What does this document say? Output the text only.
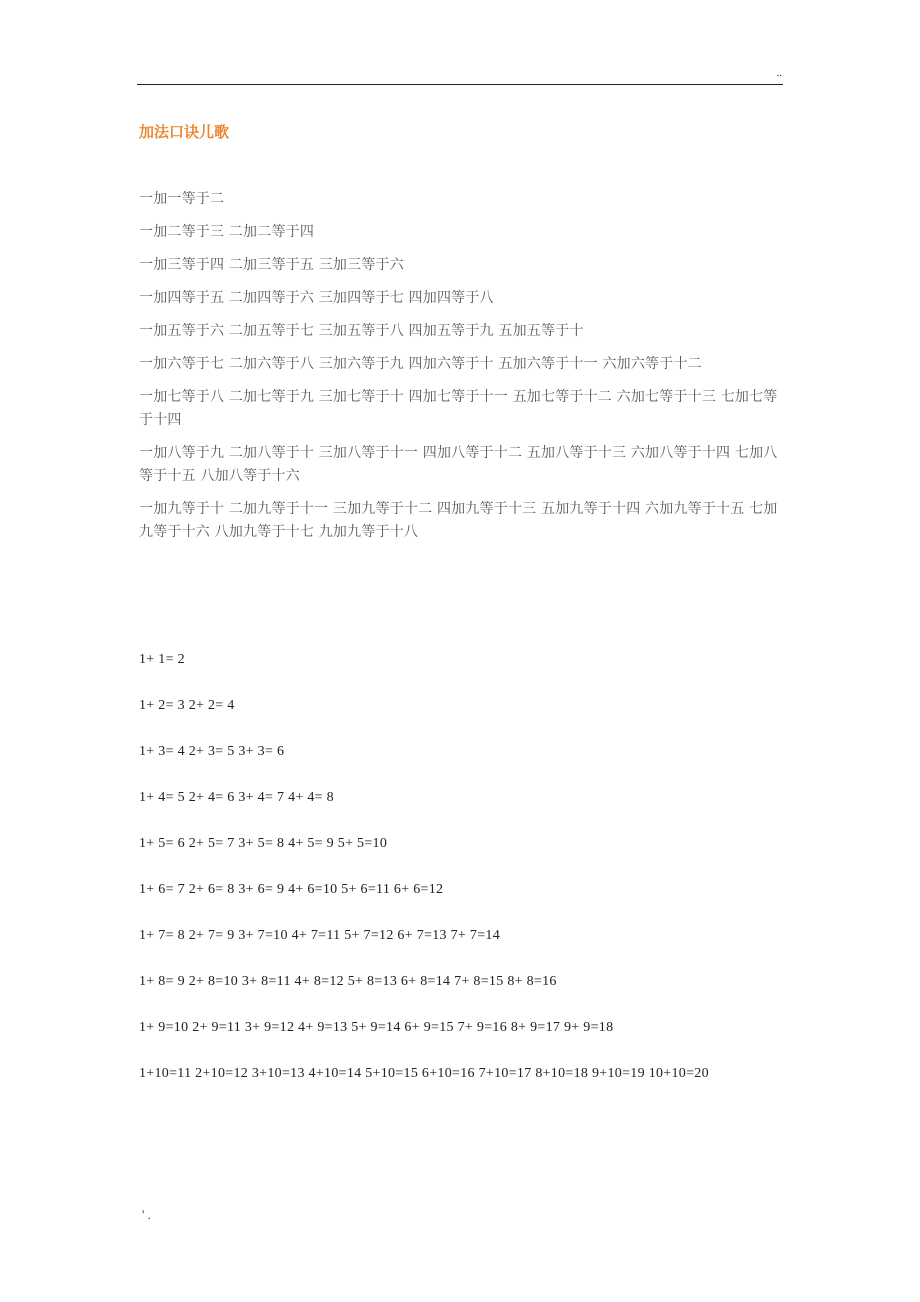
..
加法口诀儿歌
一加一等于二
一加二等于三 二加二等于四
一加三等于四 二加三等于五 三加三等于六
一加四等于五 二加四等于六 三加四等于七 四加四等于八
一加五等于六 二加五等于七 三加五等于八 四加五等于九 五加五等于十
一加六等于七 二加六等于八 三加六等于九 四加六等于十 五加六等于十一 六加六等于十二
一加七等于八 二加七等于九 三加七等于十 四加七等于十一 五加七等于十二 六加七等于十三 七加七等于十四
一加八等于九 二加八等于十 三加八等于十一 四加八等于十二 五加八等于十三 六加八等于十四 七加八等于十五 八加八等于十六
一加九等于十 二加九等于十一 三加九等于十二 四加九等于十三 五加九等于十四 六加九等于十五 七加九等于十六 八加九等于十七 九加九等于十八
1+ 1= 2
1+ 2= 3 2+ 2= 4
1+ 3= 4 2+ 3= 5 3+ 3= 6
1+ 4= 5 2+ 4= 6 3+ 4= 7 4+ 4= 8
1+ 5= 6 2+ 5= 7 3+ 5= 8 4+ 5= 9 5+ 5=10
1+ 6= 7 2+ 6= 8 3+ 6= 9 4+ 6=10 5+ 6=11 6+ 6=12
1+ 7= 8 2+ 7= 9 3+ 7=10 4+ 7=11 5+ 7=12 6+ 7=13 7+ 7=14
1+ 8= 9 2+ 8=10 3+ 8=11 4+ 8=12 5+ 8=13 6+ 8=14 7+ 8=15 8+ 8=16
1+ 9=10 2+ 9=11 3+ 9=12 4+ 9=13 5+ 9=14 6+ 9=15 7+ 9=16 8+ 9=17 9+ 9=18
1+10=11 2+10=12 3+10=13 4+10=14 5+10=15 6+10=16 7+10=17 8+10=18 9+10=19 10+10=20
' .
